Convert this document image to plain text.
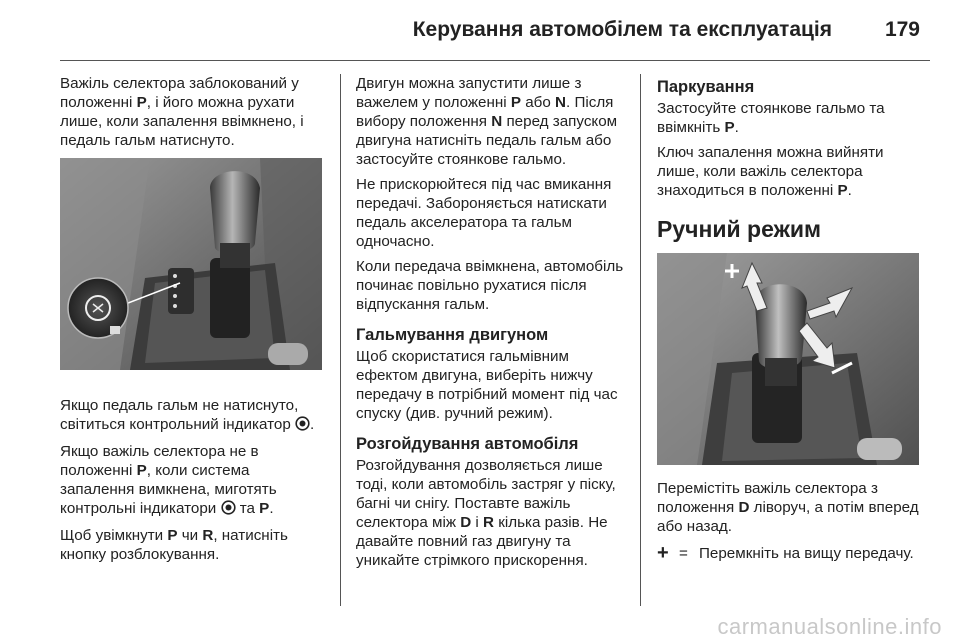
Керування автомобілем та експлуатація	179

Важіль селектора заблокований у положенні P, і його можна рухати лише, коли запалення ввімкнено, і педаль гальм натиснуто.

Якщо педаль гальм не натиснуто, світиться контрольний індикатор .

Якщо важіль селектора не в положенні P, коли система запалення вимкнена, миготять контрольні індикатори  та P.

Щоб увімкнути P чи R, натисніть кнопку розблокування.

Двигун можна запустити лише з важелем у положенні P або N. Після вибору положення N перед запуском двигуна натисніть педаль гальм або застосуйте стоянкове гальмо.

Не прискорюйтеся під час вмикання передачі. Забороняється натискати педаль акселератора та гальм одночасно.

Коли передача ввімкнена, автомобіль починає повільно рухатися після відпускання гальм.

Гальмування двигуном

Щоб скористатися гальмівним ефектом двигуна, виберіть нижчу передачу в потрібний момент під час спуску (див. ручний режим).

Розгойдування автомобіля

Розгойдування дозволяється лише тоді, коли автомобіль застряг у піску, багні чи снігу. Поставте важіль селектора між D і R кілька разів. Не давайте повний газ двигуну та уникайте стрімкого прискорення.

Паркування

Застосуйте стоянкове гальмо та ввімкніть P.

Ключ запалення можна вийняти лише, коли важіль селектора знаходиться в положенні P.

Ручний режим

Перемістіть важіль селектора з положення D ліворуч, а потім вперед або назад.

+ = Перемкніть на вищу передачу.
carmanualsonline.info
